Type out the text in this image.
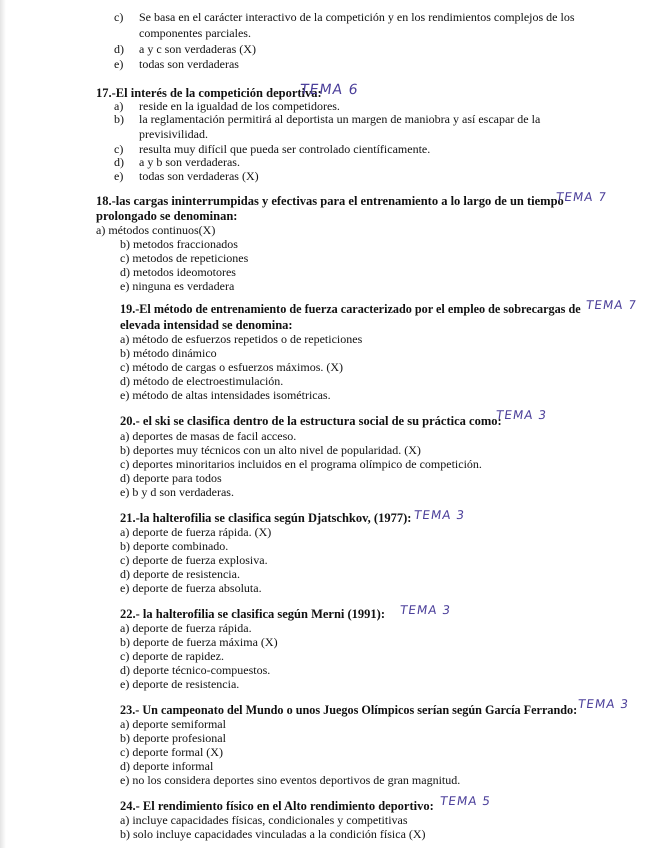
c) Se basa en el carácter interactivo de la competición y en los rendimientos complejos de los
componentes parciales.
d) a y c son verdaderas (X)
e) todas son verdaderas
17.-El interés de la competición deportiva:
TEMA 6
a) reside en la igualdad de los competidores.
b) la reglamentación permitirá al deportista un margen de maniobra y así escapar de la
previsivilidad.
c) resulta muy difícil que pueda ser controlado científicamente.
d) a y b son verdaderas.
e) todas son verdaderas (X)
18.-las cargas ininterrumpidas y efectivas para el entrenamiento a lo largo de un tiempo
prolongado se denominan:
TEMA 7
a) métodos continuos(X)
b) metodos fraccionados
c) metodos de repeticiones
d) metodos ideomotores
e) ninguna es verdadera
19.-El método de entrenamiento de fuerza caracterizado por el empleo de sobrecargas de
elevada intensidad se denomina:
TEMA 7
a) método de esfuerzos repetidos o de repeticiones
b) método dinámico
c) método de cargas o esfuerzos máximos. (X)
d) método de electroestimulación.
e) método de altas intensidades isométricas.
20.- el ski se clasifica dentro de la estructura social de su práctica como:
TEMA 3
a) deportes de masas de facil acceso.
b) deportes muy técnicos con un alto nivel de popularidad. (X)
c) deportes minoritarios incluidos en el programa olímpico de competición.
d) deporte para todos
e) b y d son verdaderas.
21.-la halterofilia se clasifica según Djatschkov, (1977): TEMA 3
a) deporte de fuerza rápida. (X)
b) deporte combinado.
c) deporte de fuerza explosiva.
d) deporte de resistencia.
e) deporte de fuerza absoluta.
22.- la halterofilia se clasifica según Merni (1991): TEMA 3
a) deporte de fuerza rápida.
b) deporte de fuerza máxima (X)
c) deporte de rapidez.
d) deporte técnico-compuestos.
e) deporte de resistencia.
23.- Un campeonato del Mundo o unos Juegos Olímpicos serían según García Ferrando: TEMA 3
a) deporte semiformal
b) deporte profesional
c) deporte formal (X)
d) deporte informal
e) no los considera deportes sino eventos deportivos de gran magnitud.
24.- El rendimiento físico en el Alto rendimiento deportivo: TEMA 5
a) incluye capacidades físicas, condicionales y competitivas
b) solo incluye capacidades vinculadas a la condición física (X)
